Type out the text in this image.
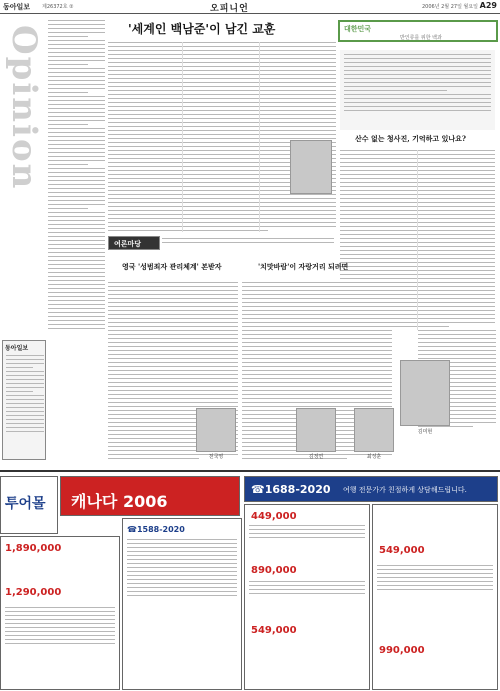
동아일보 제26372호 ②	오피니언	2006년 2월 27일 월요일 A29
Opinion
동아일보
'세계인 백남준'이 남긴 교훈	대한민국
반인류를 위한 백과
산수 없는 청사진, 기억하고 있나요?
김미현
여론마당
영국 '성범죄자 관리체계' 본받자	'치맛바람'이 자랑거리 되려면
천국영	김정연	최성훈
투어몰 캐나다 2006
☎1688-2020 여행 전문가가 친절하게 상담해드립니다.
1,890,000
1,290,000
☎1588-2020
449,000
890,000
549,000
549,000
990,000
